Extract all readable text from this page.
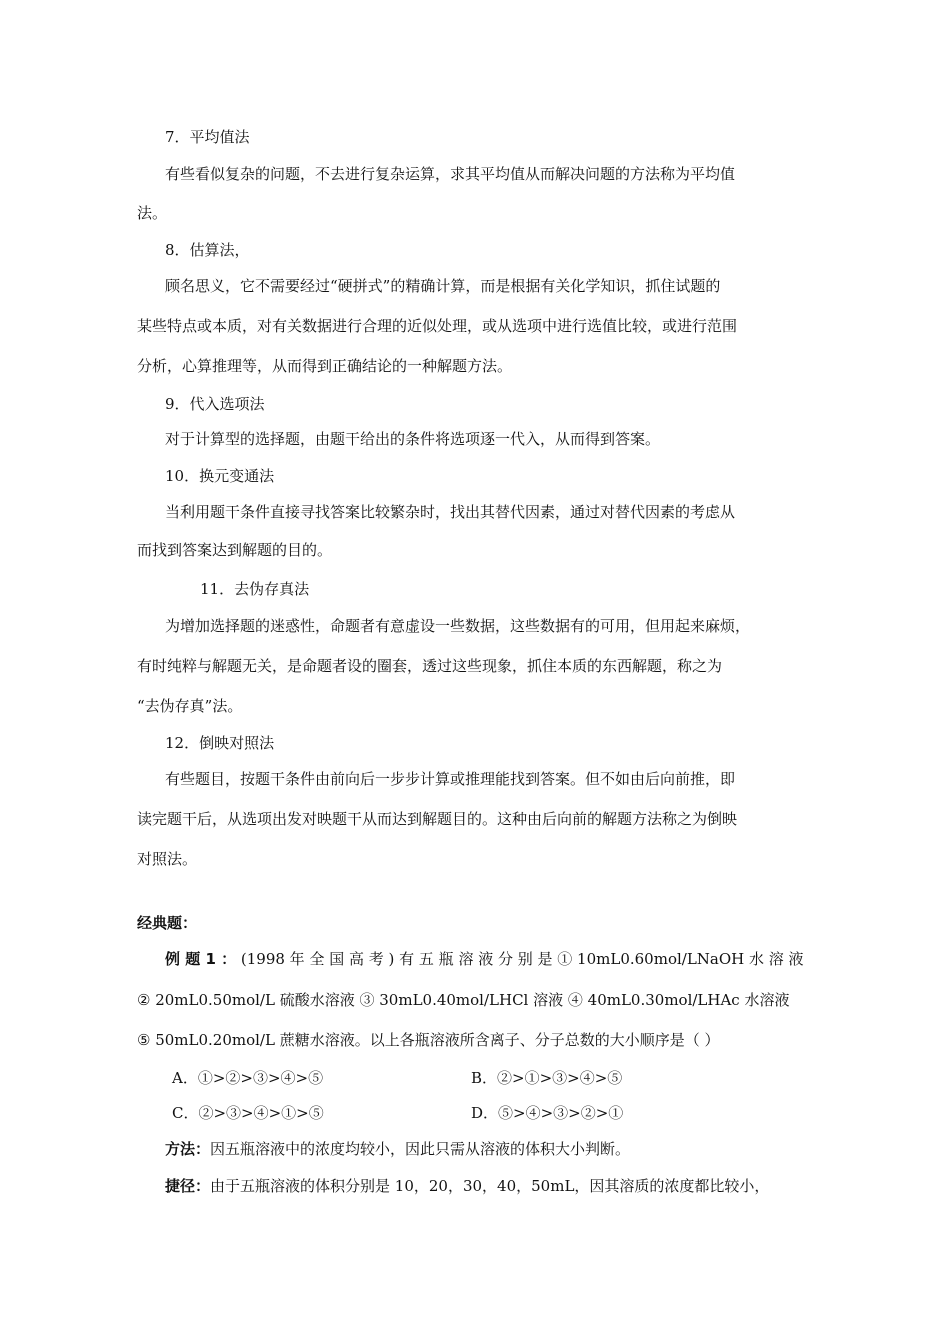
7．平均值法
有些看似复杂的问题，不去进行复杂运算，求其平均值从而解决问题的方法称为平均值
法。
8．估算法，
顾名思义，它不需要经过“硬拼式”的精确计算，而是根据有关化学知识，抓住试题的
某些特点或本质，对有关数据进行合理的近似处理，或从选项中进行选值比较，或进行范围
分析，心算推理等，从而得到正确结论的一种解题方法。
9．代入选项法
对于计算型的选择题，由题干给出的条件将选项逐一代入，从而得到答案。
10．换元变通法
当利用题干条件直接寻找答案比较繁杂时，找出其替代因素，通过对替代因素的考虑从
而找到答案达到解题的目的。
11．去伪存真法
为增加选择题的迷惑性，命题者有意虚设一些数据，这些数据有的可用，但用起来麻烦，
有时纯粹与解题无关，是命题者设的圈套，透过这些现象，抓住本质的东西解题，称之为
“去伪存真”法。
12．倒映对照法
有些题目，按题干条件由前向后一步步计算或推理能找到答案。但不如由后向前推，即
读完题干后，从选项出发对映题干从而达到解题目的。这种由后向前的解题方法称之为倒映
对照法。
经典题：
例 题 1 ： (1998 年 全 国 高 考 ) 有 五 瓶 溶 液 分 别 是 ① 10mL0.60mol/LNaOH 水 溶 液
② 20mL0.50mol/L 硫酸水溶液 ③ 30mL0.40mol/LHCl 溶液 ④ 40mL0.30mol/LHAc 水溶液
⑤ 50mL0.20mol/L 蔗糖水溶液。以上各瓶溶液所含离子、分子总数的大小顺序是（ ）
A．①>②>③>④>⑤	B．②>①>③>④>⑤
C．②>③>④>①>⑤	D．⑤>④>③>②>①
方法：因五瓶溶液中的浓度均较小，因此只需从溶液的体积大小判断。
捷径：由于五瓶溶液的体积分别是 10，20，30，40，50mL，因其溶质的浓度都比较小，
